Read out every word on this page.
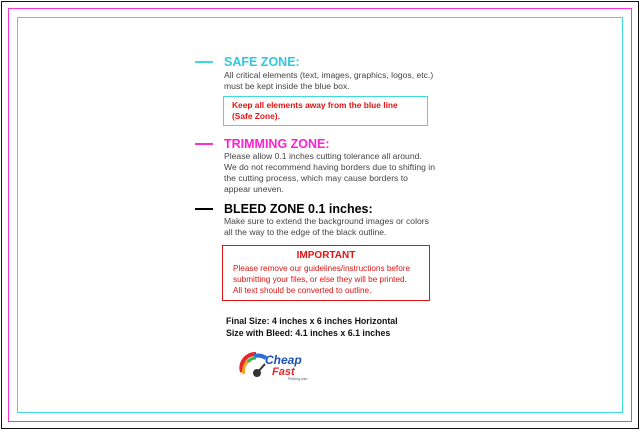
SAFE ZONE:
All critical elements (text, images, graphics, logos, etc.)
must be kept inside the blue box.
Keep all elements away from the blue line
(Safe Zone).
TRIMMING ZONE:
Please allow 0.1 inches cutting tolerance all around.
We do not recommend having borders due to shifting in
the cutting process, which may cause borders to
appear uneven.
BLEED ZONE 0.1 inches:
Make sure to extend the background images or colors
all the way to the edge of the black outline.
IMPORTANT
Please remove our guidelines/instructions before
submitting your files, or else they will be printed.
All text should be converted to outline.
Final Size: 4 inches x 6 inches Horizontal
Size with Bleed: 4.1 inches x 6.1 inches
Cheap
Fast
Printing.com
